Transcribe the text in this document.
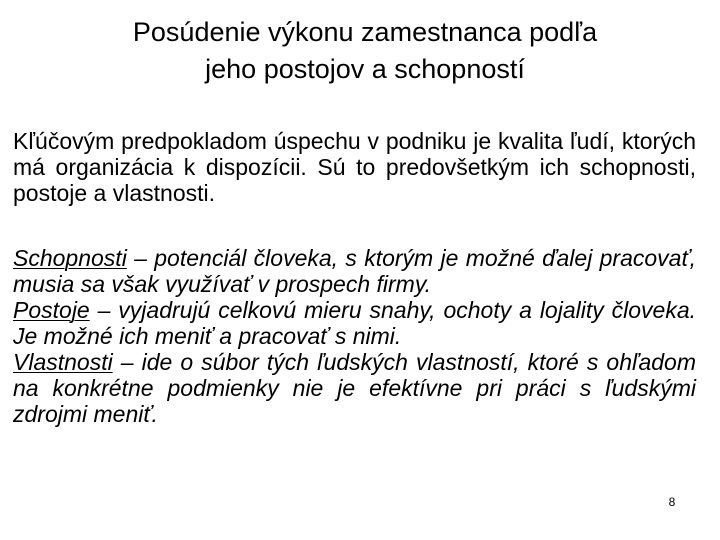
Posúdenie výkonu zamestnanca podľa
jeho postojov a schopností

Kľúčovým predpokladom úspechu v podniku je kvalita ľudí, ktorých má organizácia k dispozícii. Sú to predovšetkým ich schopnosti, postoje a vlastnosti.

Schopnosti – potenciál človeka, s ktorým je možné ďalej pracovať, musia sa však využívať v prospech firmy.

Postoje – vyjadrujú celkovú mieru snahy, ochoty a lojality človeka. Je možné ich meniť a pracovať s nimi.

Vlastnosti – ide o súbor tých ľudských vlastností, ktoré s ohľadom na konkrétne podmienky nie je efektívne pri práci s ľudskými zdrojmi meniť.

8
